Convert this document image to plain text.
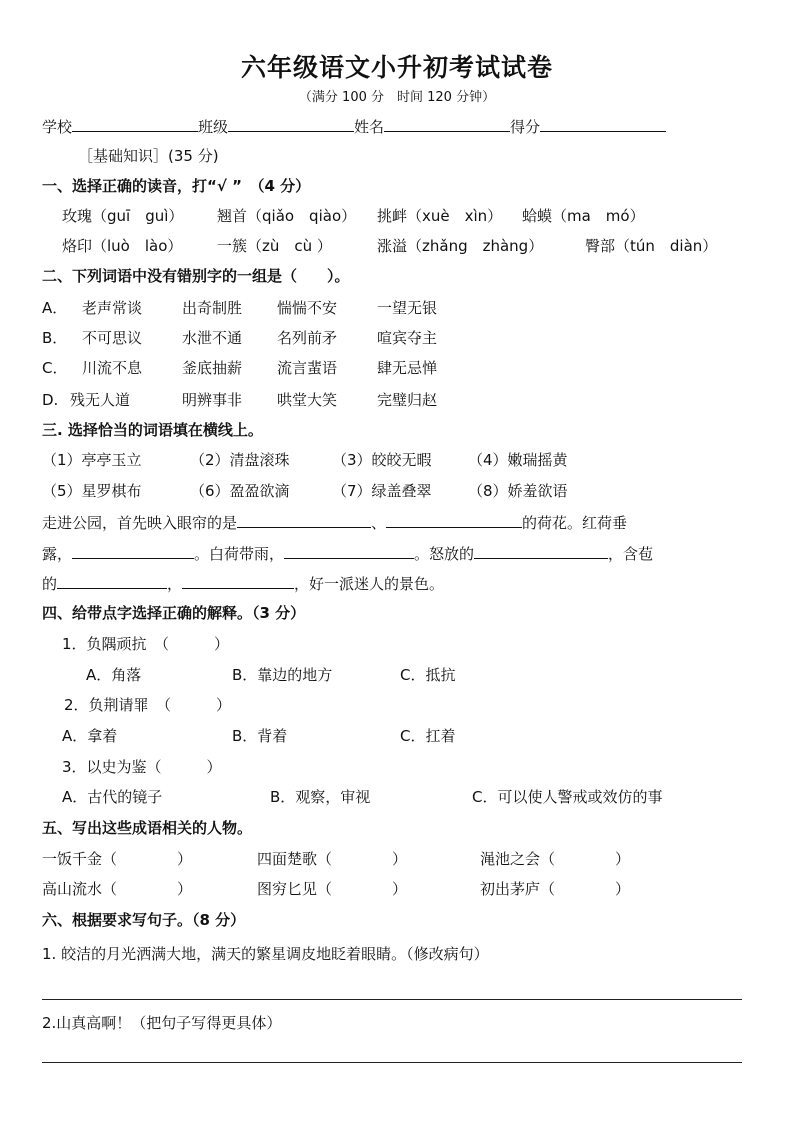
六年级语文小升初考试试卷
（满分 100 分　时间 120 分钟）
学校	班级	姓名	得分
［基础知识］(35 分)
一、选择正确的读音，打“√ ”　（4 分）
玫瑰（guī　guì） 翘首（qiǎo　qiào） 挑衅（xuè　xìn） 蛤蟆（ma　mó）
烙印（luò　lào） 一簇（zù　cù ）	涨溢（zhǎng　zhàng）	臀部（tún　diàn）
二、下列词语中没有错别字的一组是（　　）。
A． 老声常谈	出奇制胜 惴惴不安	一望无银
B． 不可思议	水泄不通 名列前矛	喧宾夺主
C． 川流不息	釜底抽薪 流言蜚语	肆无忌惮
D. 残无人道	明辨事非 哄堂大笑	完璧归赵
三. 选择恰当的词语填在横线上。
（1）亭亭玉立	（2）清盘滚珠	（3）皎皎无暇 （4）嫩瑞摇黄
（5）星罗棋布	（6）盈盈欲滴	（7）绿盖叠翠 （8）娇羞欲语
走进公园，首先映入眼帘的是	、	的荷花。红荷垂
露，	。白荷带雨，	。怒放的	，含苞
的	，	，好一派迷人的景色。
四、给带点字选择正确的解释。（3 分）
1．负隅顽抗　（　　　）
A．角落	B．靠边的地方	C．抵抗
2．负荆请罪　（　　　）
A．拿着	B．背着	C．扛着
3．以史为鉴（　　　）
A．古代的镜子	B．观察，审视	C．可以使人警戒或效仿的事
五、写出这些成语相关的人物。
一饭千金（　　　　）	四面楚歌（　　　　）	渑池之会（　　　　）
高山流水（　　　　）	图穷匕见（　　　　）	初出茅庐（　　　　）
六、根据要求写句子。（8 分）
1. 皎洁的月光洒满大地，满天的繁星调皮地眨着眼睛。（修改病句）
2.山真高啊！（把句子写得更具体）
